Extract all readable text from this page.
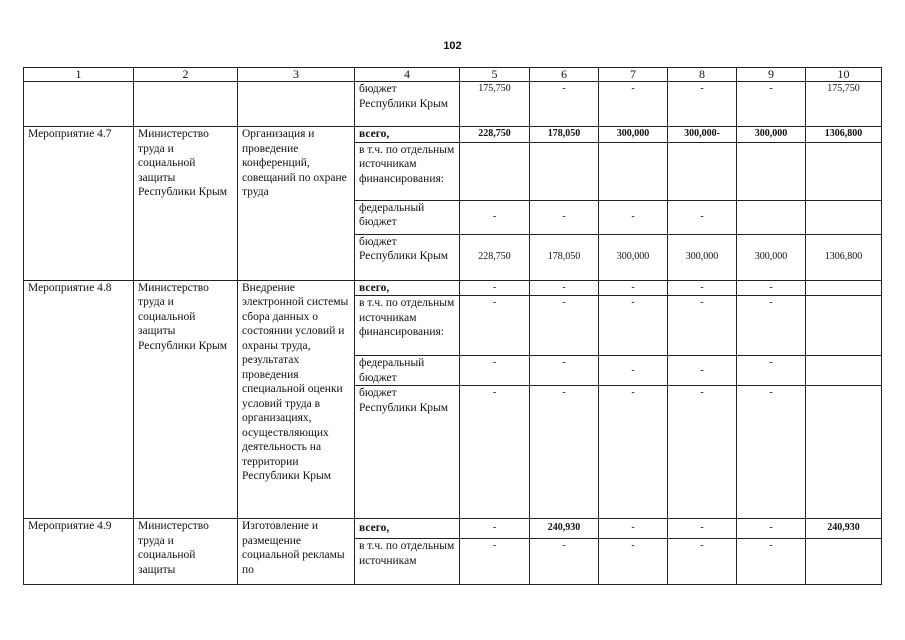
102
1	2	3	4	5	6	7	8	9	10
			бюджет Республики Крым	175,750	-	-	-	-	175,750
Мероприятие 4.7	Министерство труда и социальной защиты Республики Крым	Организация и проведение конференций, совещаний по охране труда	всего,	228,750	178,050	300,000	300,000-	300,000	1306,800
			в т.ч. по отдельным источникам финансирования:						
			федеральный бюджет	-	-	-	-		
			бюджет Республики Крым	228,750	178,050	300,000	300,000	300,000	1306,800
Мероприятие 4.8	Министерство труда и социальной защиты Республики Крым	Внедрение электронной системы сбора данных о состоянии условий и охраны труда, результатах проведения специальной оценки условий труда в организациях, осуществляющих деятельность на территории Республики Крым	всего,	-	-	-	-	-	
			в т.ч. по отдельным источникам финансирования:	-	-	-	-	-	
			федеральный бюджет	-	-	-	-	-	
			бюджет Республики Крым	-	-	-	-	-	
Мероприятие 4.9	Министерство труда и социальной защиты	Изготовление и размещение социальной рекламы по	всего,	-	240,930	-	-	-	240,930
			в т.ч. по отдельным источникам	-	-	-	-	-	
